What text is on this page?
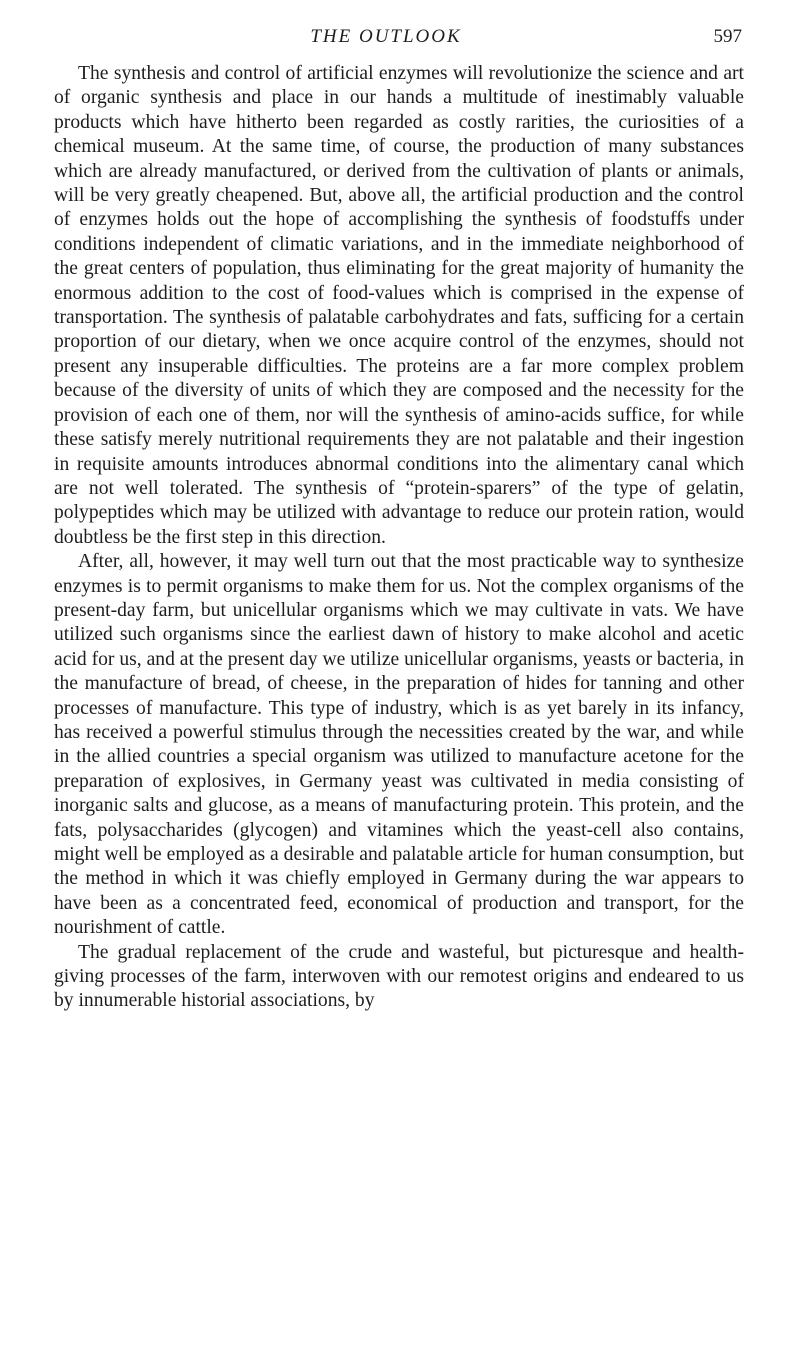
THE OUTLOOK	597

The synthesis and control of artificial enzymes will revolutionize the science and art of organic synthesis and place in our hands a multitude of inestimably valuable products which have hitherto been regarded as costly rarities, the curiosities of a chemical museum. At the same time, of course, the production of many substances which are already manufactured, or derived from the cultivation of plants or animals, will be very greatly cheapened. But, above all, the artificial production and the control of enzymes holds out the hope of accomplishing the synthesis of foodstuffs under conditions independent of climatic variations, and in the immediate neighborhood of the great centers of population, thus eliminating for the great majority of humanity the enormous addition to the cost of food-values which is comprised in the expense of transportation. The synthesis of palatable carbohydrates and fats, sufficing for a certain proportion of our dietary, when we once acquire control of the enzymes, should not present any insuperable difficulties. The proteins are a far more complex problem because of the diversity of units of which they are composed and the necessity for the provision of each one of them, nor will the synthesis of amino-acids suffice, for while these satisfy merely nutritional requirements they are not palatable and their ingestion in requisite amounts introduces abnormal conditions into the alimentary canal which are not well tolerated. The synthesis of “protein-sparers” of the type of gelatin, polypeptides which may be utilized with advantage to reduce our protein ration, would doubtless be the first step in this direction.

After, all, however, it may well turn out that the most practicable way to synthesize enzymes is to permit organisms to make them for us. Not the complex organisms of the present-day farm, but unicellular organisms which we may cultivate in vats. We have utilized such organisms since the earliest dawn of history to make alcohol and acetic acid for us, and at the present day we utilize unicellular organisms, yeasts or bacteria, in the manufacture of bread, of cheese, in the preparation of hides for tanning and other processes of manufacture. This type of industry, which is as yet barely in its infancy, has received a powerful stimulus through the necessities created by the war, and while in the allied countries a special organism was utilized to manufacture acetone for the preparation of explosives, in Germany yeast was cultivated in media consisting of inorganic salts and glucose, as a means of manufacturing protein. This protein, and the fats, polysaccharides (glycogen) and vitamines which the yeast-cell also contains, might well be employed as a desirable and palatable article for human consumption, but the method in which it was chiefly employed in Germany during the war appears to have been as a concentrated feed, economical of production and transport, for the nourishment of cattle.

The gradual replacement of the crude and wasteful, but picturesque and health-giving processes of the farm, interwoven with our remotest origins and endeared to us by innumerable historial associations, by
